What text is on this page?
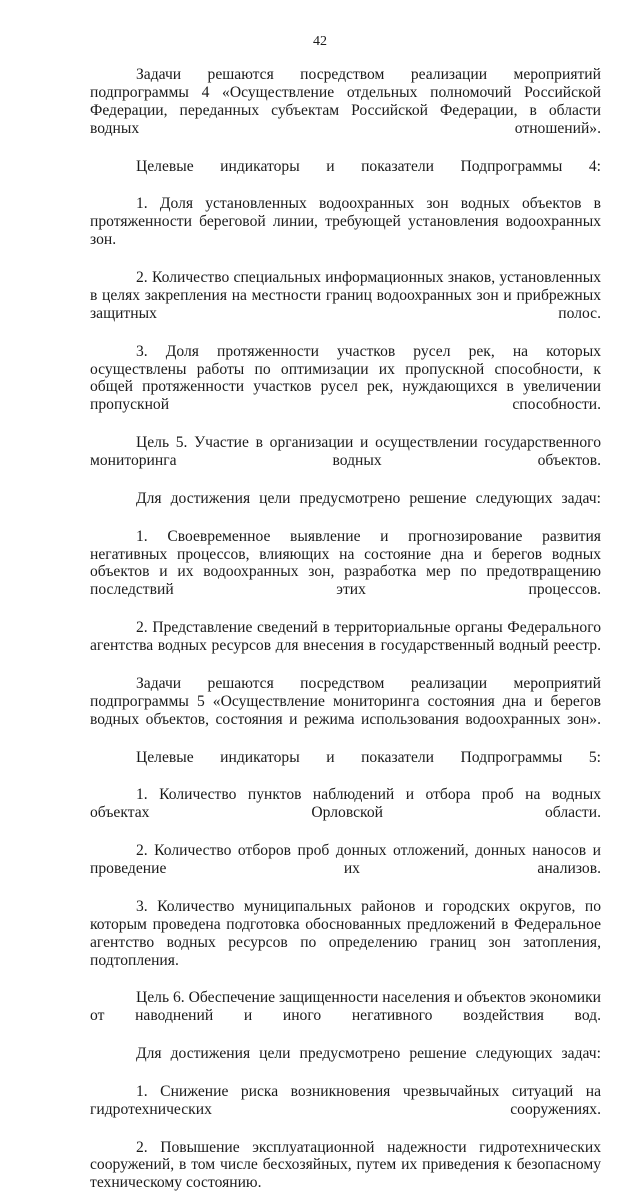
42

Задачи решаются посредством реализации мероприятий подпрограммы 4 «Осуществление отдельных полномочий Российской Федерации, переданных субъектам Российской Федерации, в области водных отношений».

Целевые индикаторы и показатели Подпрограммы 4:

1. Доля установленных водоохранных зон водных объектов в протяженности береговой линии, требующей установления водоохранных зон.

2. Количество специальных информационных знаков, установленных в целях закрепления на местности границ водоохранных зон и прибрежных защитных полос.

3. Доля протяженности участков русел рек, на которых осуществлены работы по оптимизации их пропускной способности, к общей протяженности участков русел рек, нуждающихся в увеличении пропускной способности.

Цель 5. Участие в организации и осуществлении государственного мониторинга водных объектов.

Для достижения цели предусмотрено решение следующих задач:

1. Своевременное выявление и прогнозирование развития негативных процессов, влияющих на состояние дна и берегов водных объектов и их водоохранных зон, разработка мер по предотвращению последствий этих процессов.

2. Представление сведений в территориальные органы Федерального агентства водных ресурсов для внесения в государственный водный реестр.

Задачи решаются посредством реализации мероприятий подпрограммы 5 «Осуществление мониторинга состояния дна и берегов водных объектов, состояния и режима использования водоохранных зон».

Целевые индикаторы и показатели Подпрограммы 5:

1. Количество пунктов наблюдений и отбора проб на водных объектах Орловской области.

2. Количество отборов проб донных отложений, донных наносов и проведение их анализов.

3. Количество муниципальных районов и городских округов, по которым проведена подготовка обоснованных предложений в Федеральное агентство водных ресурсов по определению границ зон затопления, подтопления.

Цель 6. Обеспечение защищенности населения и объектов экономики от наводнений и иного негативного воздействия вод.

Для достижения цели предусмотрено решение следующих задач:

1. Снижение риска возникновения чрезвычайных ситуаций на гидротехнических сооружениях.

2. Повышение эксплуатационной надежности гидротехнических сооружений, в том числе бесхозяйных, путем их приведения к безопасному техническому состоянию.
